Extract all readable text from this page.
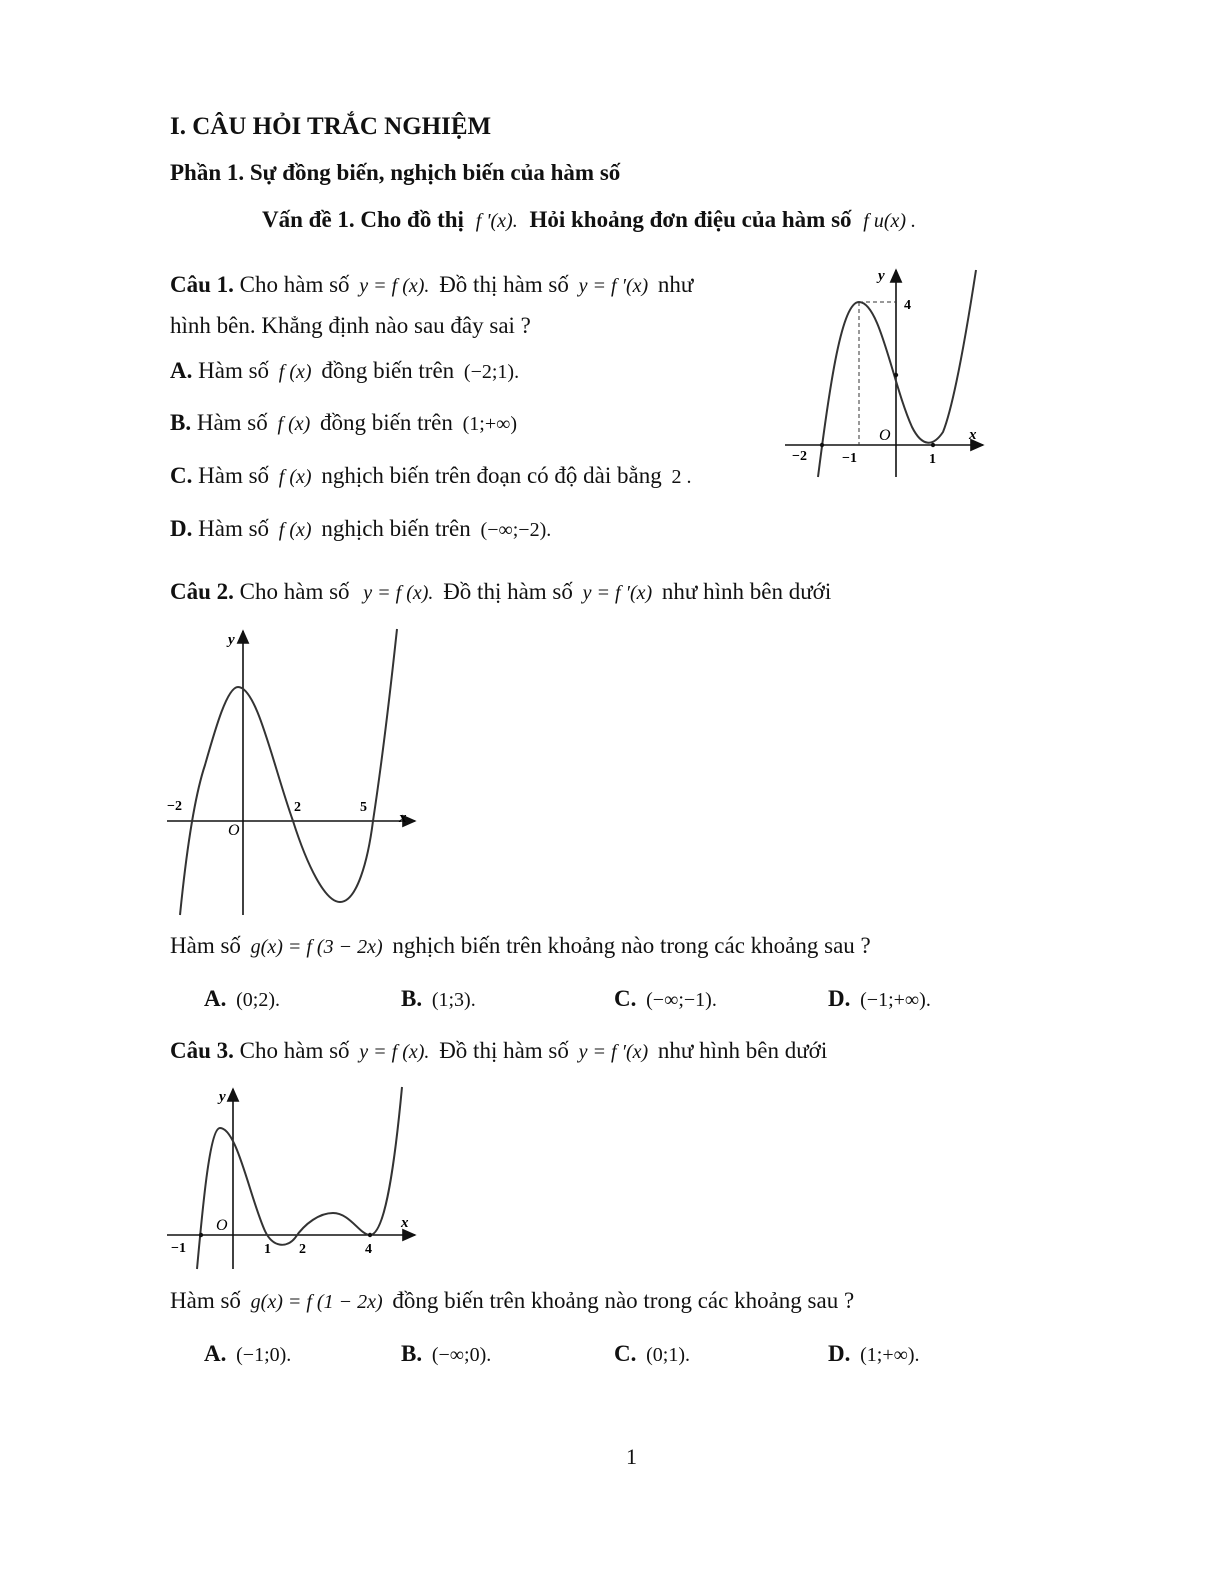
I. CÂU HỎI TRẮC NGHIỆM
Phần 1. Sự đồng biến, nghịch biến của hàm số
Vấn đề 1. Cho đồ thị f '(x). Hỏi khoảng đơn điệu của hàm số f u(x) .
Câu 1. Cho hàm số y = f (x). Đồ thị hàm số y = f ′(x) như
hình bên. Khẳng định nào sau đây sai ?
A. Hàm số f (x) đồng biến trên (−2;1).
B. Hàm số f (x) đồng biến trên (1;+∞)
C. Hàm số f (x) nghịch biến trên đoạn có độ dài bằng 2 .
D. Hàm số f (x) nghịch biến trên (−∞;−2).
y
x
O
4
−2	−1	1
Câu 2. Cho hàm số y = f (x). Đồ thị hàm số y = f ′(x) như hình bên dưới
y
x
O
−2	2	5
Hàm số g(x) = f (3 − 2x) nghịch biến trên khoảng nào trong các khoảng sau ?
A. (0;2).	B. (1;3).	C. (−∞;−1).	D. (−1;+∞).
Câu 3. Cho hàm số y = f (x). Đồ thị hàm số y = f ′(x) như hình bên dưới
y
x
O
−1	1 2	4
Hàm số g(x) = f (1 − 2x) đồng biến trên khoảng nào trong các khoảng sau ?
A. (−1;0).	B. (−∞;0).	C. (0;1).	D. (1;+∞).
1
